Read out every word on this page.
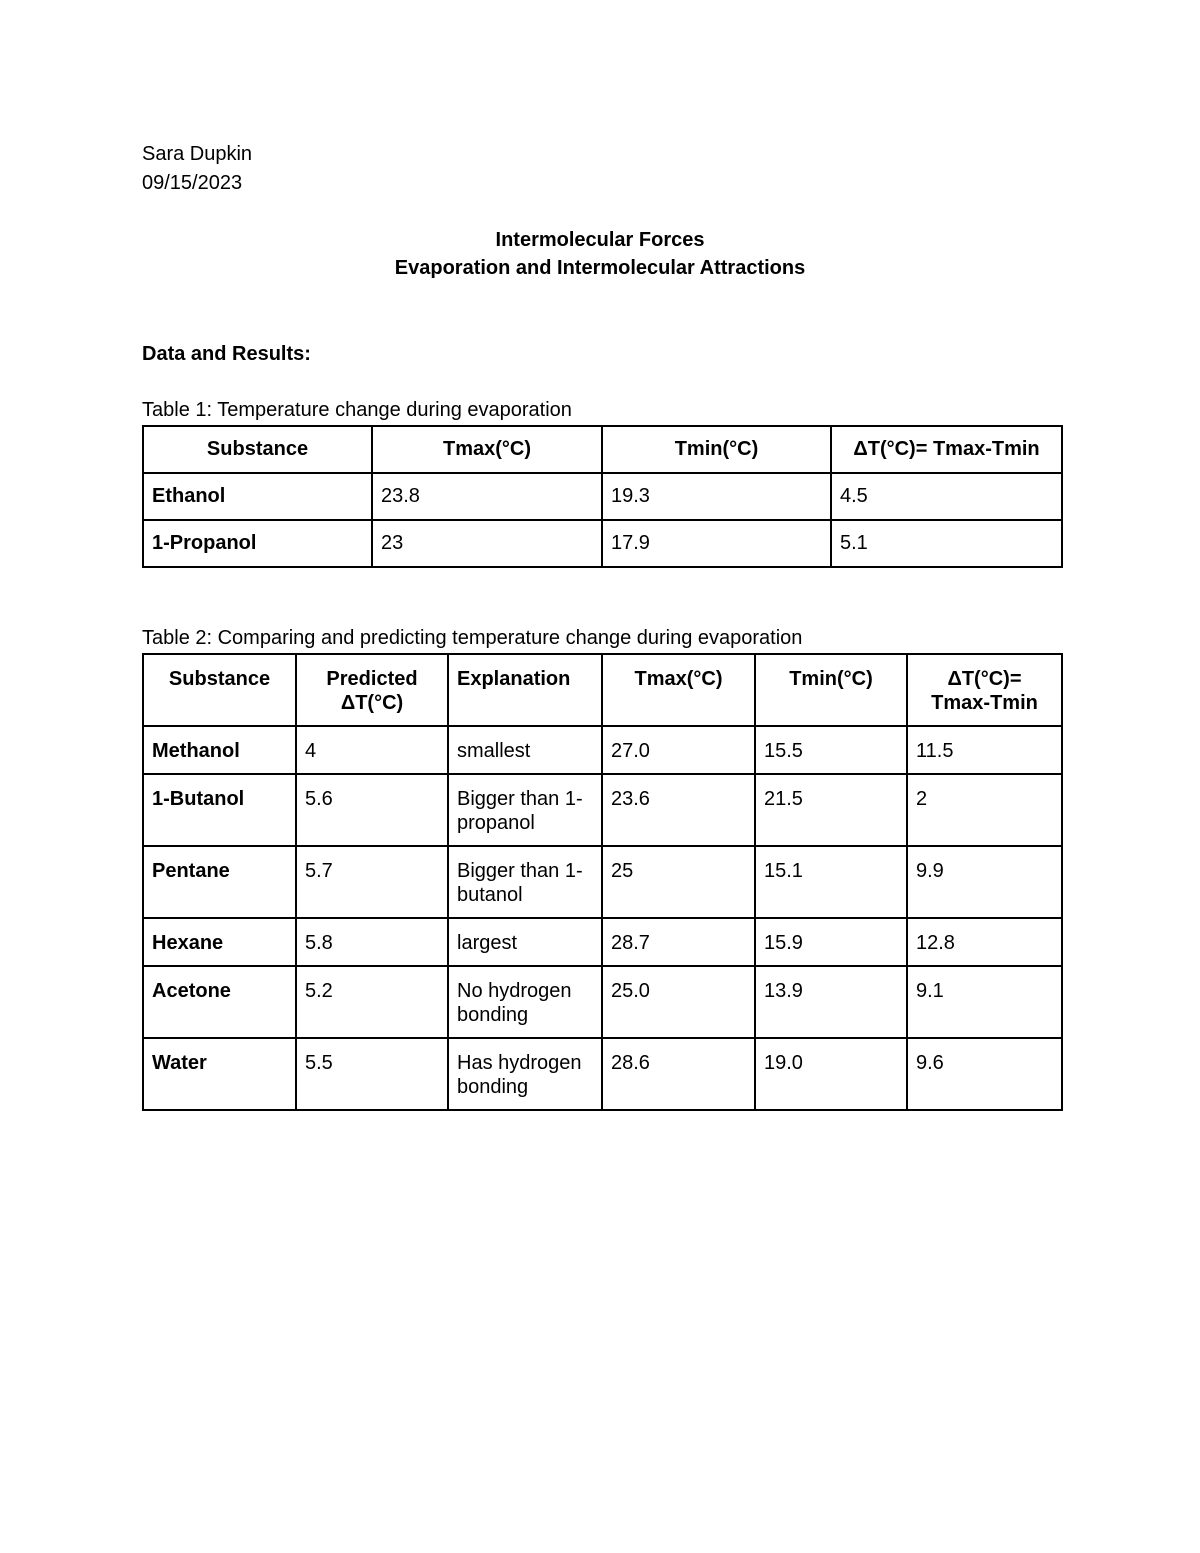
Sara Dupkin
09/15/2023
Intermolecular Forces
Evaporation and Intermolecular Attractions
Data and Results:
Table 1: Temperature change during evaporation
Substance	Tmax(°C)	Tmin(°C)	ΔT(°C)= Tmax-Tmin
Ethanol	23.8	19.3	4.5
1-Propanol	23	17.9	5.1
Table 2: Comparing and predicting temperature change during evaporation
Substance	Predicted ΔT(°C)	Explanation	Tmax(°C)	Tmin(°C)	ΔT(°C)= Tmax-Tmin
Methanol	4	smallest	27.0	15.5	11.5
1-Butanol	5.6	Bigger than 1-propanol	23.6	21.5	2
Pentane	5.7	Bigger than 1-butanol	25	15.1	9.9
Hexane	5.8	largest	28.7	15.9	12.8
Acetone	5.2	No hydrogen bonding	25.0	13.9	9.1
Water	5.5	Has hydrogen bonding	28.6	19.0	9.6
